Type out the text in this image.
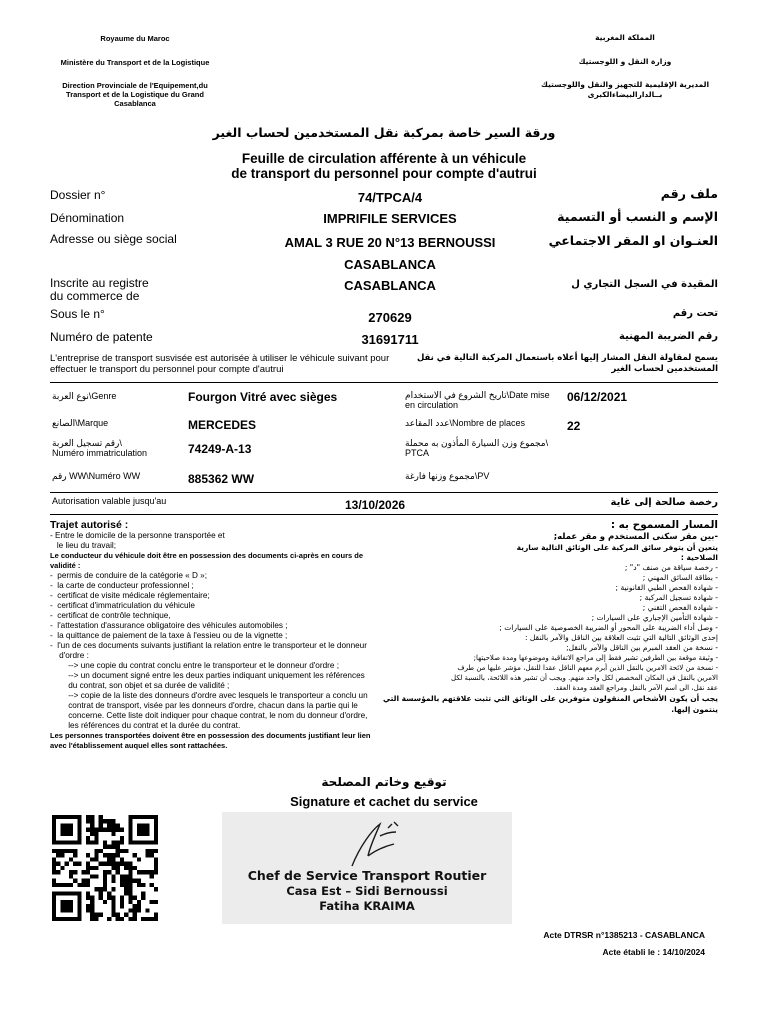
Royaume du Maroc
Ministère du Transport et de la Logistique
Direction Provinciale de l'Equipement,du
Transport et de la Logistique du Grand
Casablanca
المملكة المغربية
وزارة النقل و اللوجستيك
المديرية الإقليمية للتجهيز والنقل واللوجستيك
بــالدارالبيضاءالكبرى
ورقة السير خاصة بمركبة نقل المستخدمين لحساب الغير
Feuille de circulation afférente à un véhicule
de transport du personnel pour compte d'autrui
Dossier n°	74/TPCA/4	ملف رقم
Dénomination	IMPRIFILE SERVICES	الإسم و النسب أو التسمية
Adresse ou siège social	AMAL 3 RUE 20 N°13 BERNOUSSI
CASABLANCA
العنـوان او المقر الاجتماعي
Inscrite au registre
du commerce de
CASABLANCA	المقيدة في السجل التجاري ل
Sous le n°	270629	تحت رقم
Numéro de patente	31691711	رقم الضريبة المهنية
L'entreprise de transport susvisée est autorisée à utiliser le véhicule suivant pour effectuer le transport du personnel pour compte d'autrui
يسمح لمقاولة النقل المشار إليها أعلاه باستعمال المركبة التالية في نقل المستخدمين لحساب الغير
نوع العربة\Genre	Fourgon Vitré avec sièges	تاريخ الشروع في الاستخدام\Date mise en circulation
06/12/2021
الصانع\Marque	MERCEDES	عدد المقاعد\Nombre de places	22
رقم تسجيل العربة\
Numéro immatriculation	74249-A-13	مجموع وزن السيارة المأذون به محملة\
PTCA
رقم WW\Numéro WW	885362 WW	مجموع وزنها فارغة\PV
Autorisation valable jusqu'au	13/10/2026	رخصة صالحة إلى غاية
Trajet autorisé :
- Entre le domicile de la personne transportée et
le lieu du travail;
Le conducteur du véhicule doit être en possession des documents ci-après en cours de
validité :
-  permis de conduire de la catégorie « D »;
-  la carte de conducteur professionnel ;
-  certificat de visite médicale réglementaire;
-  certificat d'immatriculation du véhicule
-  certificat de contrôle technique,
-  l'attestation d'assurance obligatoire des véhicules automobiles ;
-  la quittance de paiement de la taxe à l'essieu ou de la vignette ;
-  l'un de ces documents suivants justifiant la relation entre le transporteur et le donneur
d'ordre :
--> une copie du contrat conclu entre le transporteur et le donneur d'ordre ;
--> un document signé entre les deux parties indiquant uniquement les références
du contrat, son objet et sa durée de validité ;
--> copie de la liste des donneurs d'ordre avec lesquels le transporteur a conclu un
contrat de transport, visée par les donneurs d'ordre, chacun dans la partie qui le
concerne. Cette liste doit indiquer pour chaque contrat, le nom du donneur d'ordre,
les références du contrat et la durée du contrat.
Les personnes transportées doivent être en possession des documents justifiant leur lien
avec l'établissement auquel elles sont rattachées.
المسار المسموح به :
-بين مقر سكنى المستخدم و مقر عمله;
يتعين أن يتوفر سائق المركبة على الوثائق التالية سارية
الصلاحية :
- رخصة سياقة من صنف "د" ;
- بطاقة السائق المهني ;
- شهادة الفحص الطبي القانونية ;
- شهادة تسجيل المركبة ;
- شهادة الفحص التقني ;
- شهادة التأمين الإجباري على السيارات ;
- وصل أداء الضريبة على المحور أو الضريبة الخصوصية على السيارات ;
إحدى الوثائق التالية التي تثبت العلاقة بين الناقل والآمر بالنقل :
- نسخة من العقد المبرم بين الناقل والآمر بالنقل;
- وثيقة موقعة بين الطرفين تشير فقط إلى مراجع الاتفاقية وموضوعها ومدة صلاحيتها;
- نسخة من لائحة الامرين بالنقل الذين أبرم معهم الناقل عقدا للنقل، مؤشر عليها من طرف
الامرين بالنقل في المكان المخصص لكل واحد منهم. ويجب أن تشير هذه اللائحة، بالنسبة لكل
عقد نقل، الى اسم الآمر بالنقل ومراجع العقد ومدة العقد.
يجب أن يكون الأشخاص المنقولون متوفرين على الوثائق التي تثبت علاقتهم بالمؤسسة التي
ينتمون إليها.
توقيع وخاتم المصلحة
Signature et cachet du service
Chef de Service Transport Routier
Casa Est – Sidi Bernoussi
Fatiha KRAIMA
Acte DTRSR n°1385213 - CASABLANCA
Acte établi le : 14/10/2024
